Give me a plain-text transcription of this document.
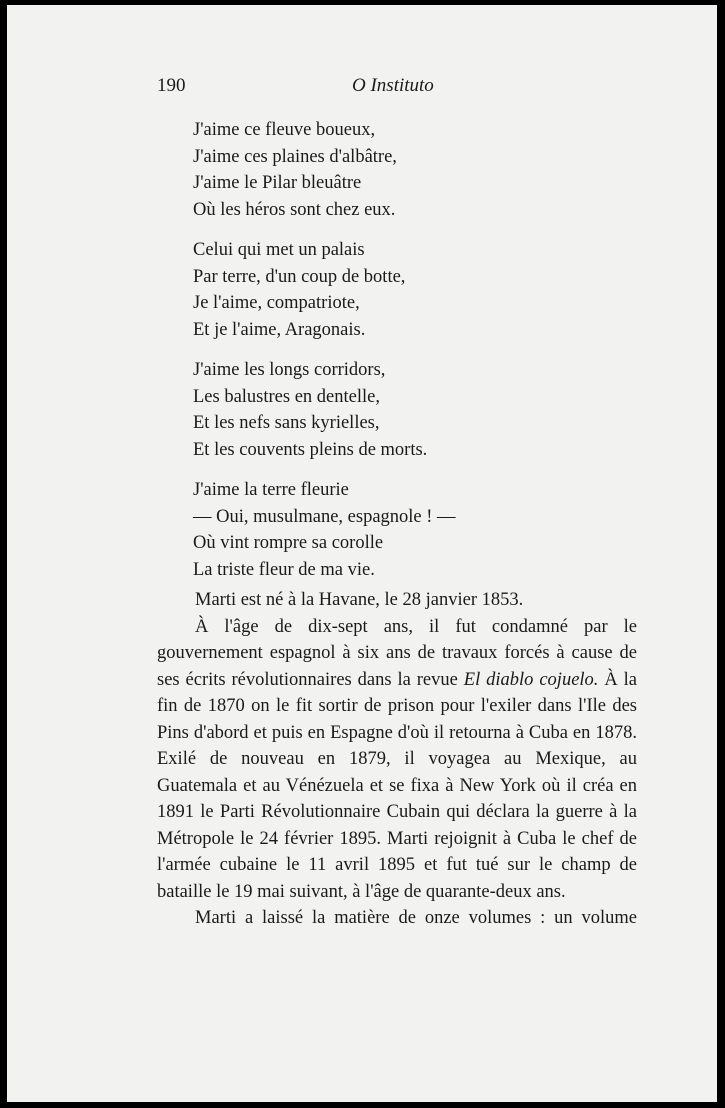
190	O Instituto
J'aime ce fleuve boueux,
J'aime ces plaines d'albâtre,
J'aime le Pilar bleuâtre
Où les héros sont chez eux.
Celui qui met un palais
Par terre, d'un coup de botte,
Je l'aime, compatriote,
Et je l'aime, Aragonais.
J'aime les longs corridors,
Les balustres en dentelle,
Et les nefs sans kyrielles,
Et les couvents pleins de morts.
J'aime la terre fleurie
— Oui, musulmane, espagnole ! —
Où vint rompre sa corolle
La triste fleur de ma vie.

Marti est né à la Havane, le 28 janvier 1853.

À l'âge de dix-sept ans, il fut condamné par le gouvernement espagnol à six ans de travaux forcés à cause de ses écrits révolutionnaires dans la revue El diablo cojuelo. À la fin de 1870 on le fit sortir de prison pour l'exiler dans l'Ile des Pins d'abord et puis en Espagne d'où il retourna à Cuba en 1878. Exilé de nouveau en 1879, il voyagea au Mexique, au Guatemala et au Vénézuela et se fixa à New York où il créa en 1891 le Parti Révolutionnaire Cubain qui déclara la guerre à la Métropole le 24 février 1895. Marti rejoignit à Cuba le chef de l'armée cubaine le 11 avril 1895 et fut tué sur le champ de bataille le 19 mai suivant, à l'âge de quarante-deux ans.

Marti a laissé la matière de onze volumes : un volume
